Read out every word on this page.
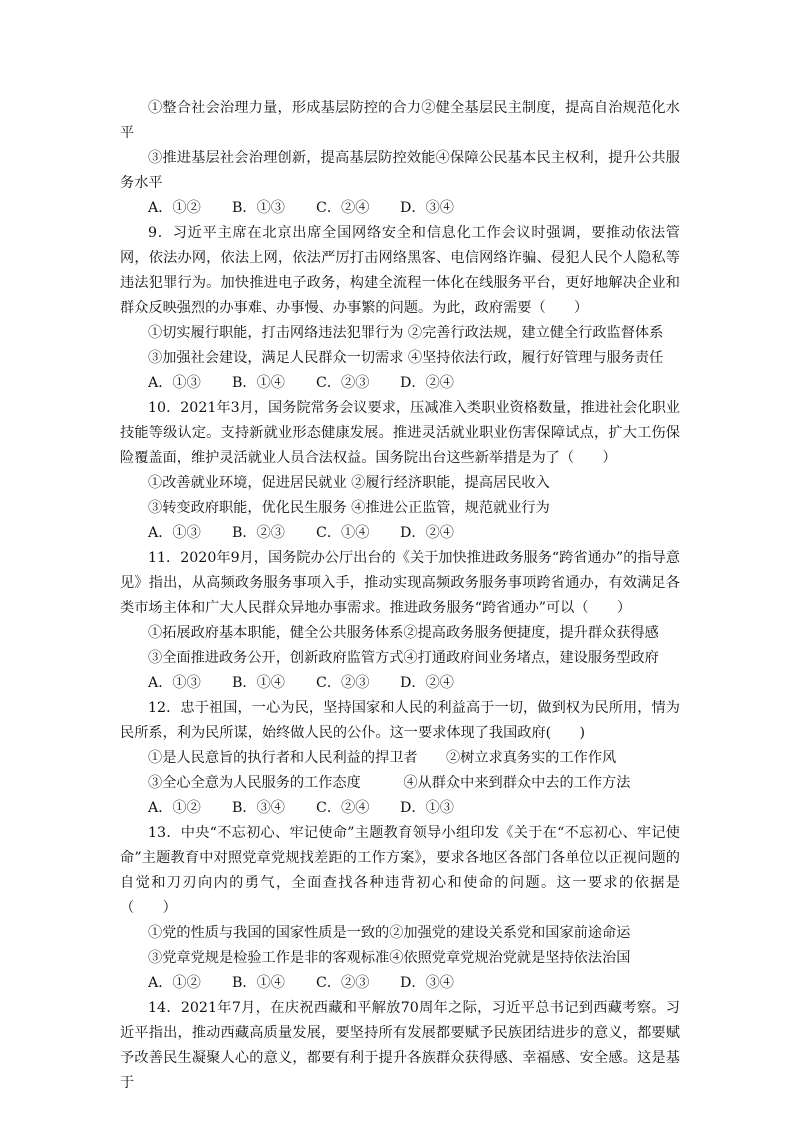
①整合社会治理力量，形成基层防控的合力②健全基层民主制度，提高自治规范化水平

③推进基层社会治理创新，提高基层防控效能④保障公民基本民主权利，提升公共服务水平

A．①②	B．①③	C．②④	D．③④

9．习近平主席在北京出席全国网络安全和信息化工作会议时强调，要推动依法管网，依法办网，依法上网，依法严厉打击网络黑客、电信网络诈骗、侵犯人民个人隐私等违法犯罪行为。加快推进电子政务，构建全流程一体化在线服务平台，更好地解决企业和群众反映强烈的办事难、办事慢、办事繁的问题。为此，政府需要（　　）

①切实履行职能，打击网络违法犯罪行为 ②完善行政法规，建立健全行政监督体系

③加强社会建设，满足人民群众一切需求 ④坚持依法行政，履行好管理与服务责任

A．①③	B．①④	C．②③	D．②④

10．2021年3月，国务院常务会议要求，压减准入类职业资格数量，推进社会化职业技能等级认定。支持新就业形态健康发展。推进灵活就业职业伤害保障试点，扩大工伤保险覆盖面，维护灵活就业人员合法权益。国务院出台这些新举措是为了（　　）

①改善就业环境，促进居民就业 ②履行经济职能，提高居民收入

③转变政府职能，优化民生服务 ④推进公正监管，规范就业行为

A．①③	B．②③	C．①④	D．②④

11．2020年9月，国务院办公厅出台的《关于加快推进政务服务“跨省通办”的指导意见》指出，从高频政务服务事项入手，推动实现高频政务服务事项跨省通办，有效满足各类市场主体和广大人民群众异地办事需求。推进政务服务“跨省通办”可以（　　）

①拓展政府基本职能，健全公共服务体系②提高政务服务便捷度，提升群众获得感

③全面推进政务公开，创新政府监管方式④打通政府间业务堵点，建设服务型政府

A．①③	B．①④	C．②③	D．②④

12．忠于祖国，一心为民，坚持国家和人民的利益高于一切，做到权为民所用，情为民所系，利为民所谋，始终做人民的公仆。这一要求体现了我国政府(　　)

①是人民意旨的执行者和人民利益的捍卫者　　②树立求真务实的工作作风

③全心全意为人民服务的工作态度　　　④从群众中来到群众中去的工作方法

A．①②	B．③④	C．②④	D．①③

13．中央“不忘初心、牢记使命”主题教育领导小组印发《关于在“不忘初心、牢记使命”主题教育中对照党章党规找差距的工作方案》，要求各地区各部门各单位以正视问题的自觉和刀刃向内的勇气，全面查找各种违背初心和使命的问题。这一要求的依据是（　　）

①党的性质与我国的国家性质是一致的②加强党的建设关系党和国家前途命运

③党章党规是检验工作是非的客观标准④依照党章党规治党就是坚持依法治国

A．①②	B．①④	C．②③	D．③④

14．2021年7月，在庆祝西藏和平解放70周年之际，习近平总书记到西藏考察。习近平指出，推动西藏高质量发展，要坚持所有发展都要赋予民族团结进步的意义，都要赋予改善民生凝聚人心的意义，都要有利于提升各族群众获得感、幸福感、安全感。这是基于
